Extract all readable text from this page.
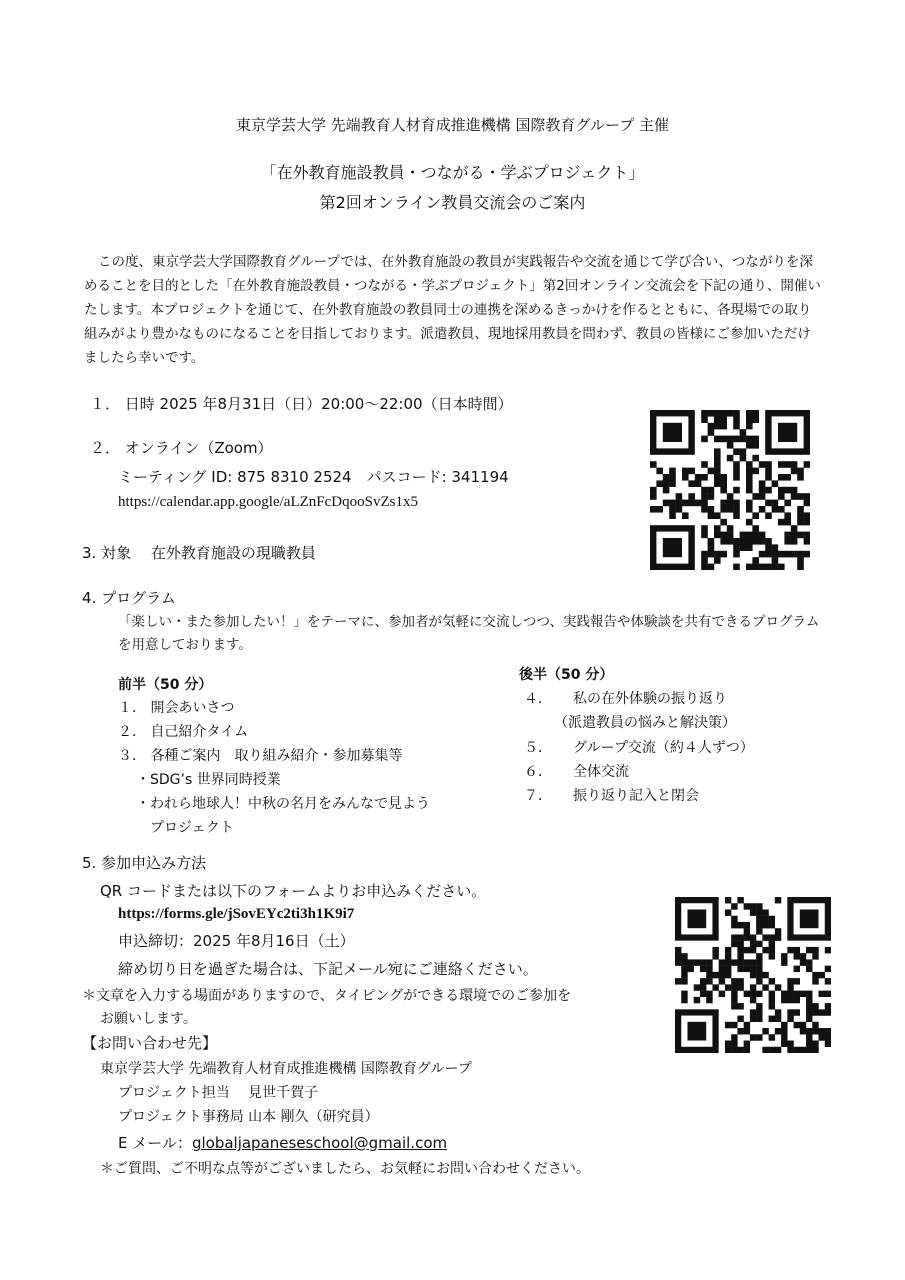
東京学芸大学 先端教育人材育成推進機構 国際教育グループ 主催
「在外教育施設教員・つながる・学ぶプロジェクト」
第2回オンライン教員交流会のご案内
この度、東京学芸大学国際教育グループでは、在外教育施設の教員が実践報告や交流を通じて学び合い、つながりを深めることを目的とした「在外教育施設教員・つながる・学ぶプロジェクト」第2回オンライン交流会を下記の通り、開催いたします。本プロジェクトを通じて、在外教育施設の教員同士の連携を深めるきっかけを作るとともに、各現場での取り組みがより豊かなものになることを目指しております。派遣教員、現地採用教員を問わず、教員の皆様にご参加いただけましたら幸いです。
１． 日時 2025 年8月31日（日）20:00～22:00（日本時間）
２． オンライン（Zoom）
ミーティング ID: 875 8310 2524　パスコード: 341194
https://calendar.app.google/aLZnFcDqooSvZs1x5
3. 対象　 在外教育施設の現職教員
4. プログラム
「楽しい・また参加したい！」をテーマに、参加者が気軽に交流しつつ、実践報告や体験談を共有できるプログラムを用意しております。
前半（50 分）
１． 開会あいさつ
２． 自己紹介タイム
３． 各種ご案内　取り組み紹介・参加募集等
・SDG’s 世界同時授業
・われら地球人！中秋の名月をみんなで見よう
プロジェクト
後半（50 分）
４．　　私の在外体験の振り返り
（派遣教員の悩みと解決策）
５．　　グループ交流（約４人ずつ）
６．　　全体交流
７．　　振り返り記入と閉会
5. 参加申込み方法
QR コードまたは以下のフォームよりお申込みください。
https://forms.gle/jSovEYc2ti3h1K9i7
申込締切：2025 年8月16日（土）
締め切り日を過ぎた場合は、下記メール宛にご連絡ください。
＊文章を入力する場面がありますので、タイピングができる環境でのご参加を
お願いします。
【お問い合わせ先】
東京学芸大学 先端教育人材育成推進機構 国際教育グループ
プロジェクト担当　 見世千賀子
プロジェクト事務局 山本 剛久（研究員）
E メール：globaljapaneseschool@gmail.com
＊ご質問、ご不明な点等がございましたら、お気軽にお問い合わせください。
